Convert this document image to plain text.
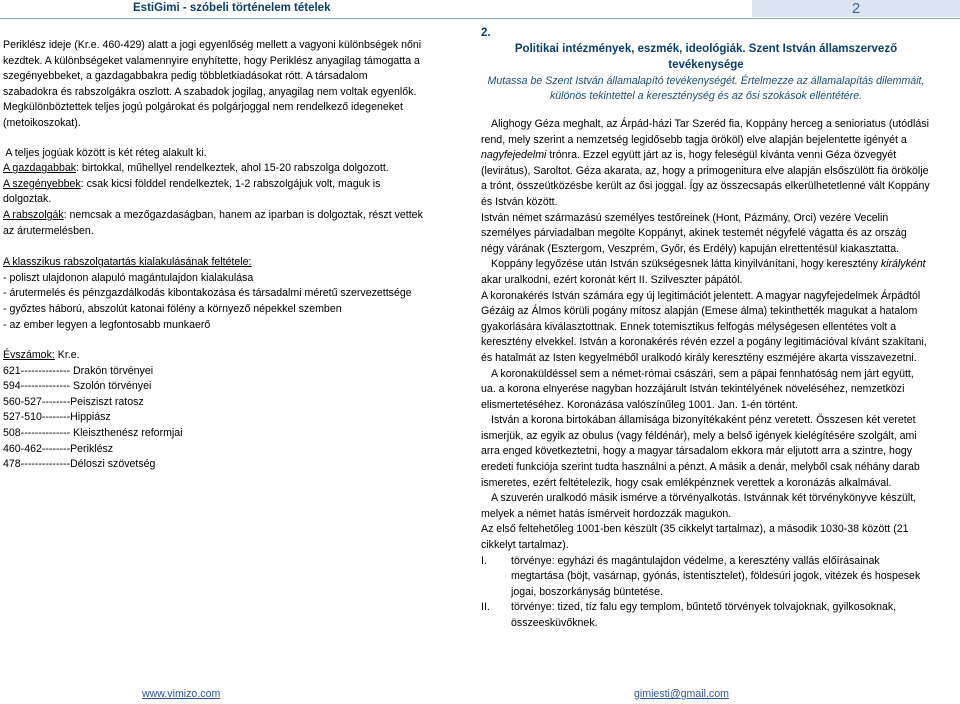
EstiGimi - szóbeli történelem tételek	2

Periklész ideje (Kr.e. 460-429) alatt a jogi egyenlőség mellett a vagyoni különbségek nőni kezdtek. A különbségeket valamennyire enyhítette, hogy Periklész anyagilag támogatta a szegényebbeket, a gazdagabbakra pedig többletkiadásokat rótt. A társadalom szabadokra és rabszolgákra oszlott. A szabadok jogilag, anyagilag nem voltak egyenlők. Megkülönböztettek teljes jogú polgárokat és polgárjoggal nem rendelkező idegeneket (metoikoszokat).

A teljes jogúak között is két réteg alakult ki.

A gazdagabbak: birtokkal, műhellyel rendelkeztek, ahol 15-20 rabszolga dolgozott.

A szegényebbek: csak kicsi földdel rendelkeztek, 1-2 rabszolgájuk volt, maguk is dolgoztak.

A rabszolgák: nemcsak a mezőgazdaságban, hanem az iparban is dolgoztak, részt vettek az árutermelésben.

A klasszikus rabszolgatartás kialakulásának feltétele:

- poliszt ulajdonon alapuló magántulajdon kialakulása

- árutermelés és pénzgazdálkodás kibontakozása és társadalmi méretű szervezettsége

- győztes háború, abszolút katonai fölény a környező népekkel szemben

- az ember legyen a legfontosabb munkaerő

Évszámok: Kr.e.

621-------------- Drakón törvényei

594-------------- Szolón törvényei

560-527--------Peisziszt ratosz

527-510--------Hippiász

508-------------- Kleiszthenész reformjai

460-462--------Periklész

478--------------Déloszi szövetség

2.
Politikai intézmények, eszmék, ideológiák. Szent István államszervező tevékenysége
Mutassa be Szent István államalapító tevékenységét. Értelmezze az államalapítás dilemmáit, különös tekintettel a kereszténység és az ősi szokások ellentétére.

Alighogy Géza meghalt, az Árpád-házi Tar Szeréd fia, Koppány herceg a senioriatus (utódlási rend, mely szerint a nemzetség legidősebb tagja örököl) elve alapján bejelentette igényét a nagyfejedelmi trónra. Ezzel együtt járt az is, hogy feleségül kívánta venni Géza özvegyét (levirátus), Saroltot. Géza akarata, az, hogy a primogenitura elve alapján elsőszülött fia örökölje a trónt, összeütközésbe került az ősi joggal. Így az összecsapás elkerülhetetlenné vált Koppány és István között.

István német származású személyes testőreinek (Hont, Pázmány, Orci) vezére Vecelin személyes párviadalban megölte Koppányt, akinek testemét négyfelé vágatta és az ország négy várának (Esztergom, Veszprém, Győr, és Erdély) kapuján elrettentésül kiakasztatta.

Koppány legyőzése után István szükségesnek látta kinyilvánítani, hogy keresztény királyként akar uralkodni, ezért koronát kért II. Szilveszter pápától.

A koronakérés István számára egy új legitimációt jelentett. A magyar nagyfejedelmek Árpádtól Gézáig az Álmos körüli pogány mítosz alapján (Emese álma) tekinthették magukat a hatalom gyakorlására kiválasztottnak. Ennek totemisztikus felfogás mélységesen ellentétes volt a keresztény elvekkel. István a koronakérés révén ezzel a pogány legitimációval kívánt szakítani, és hatalmát az Isten kegyelméből uralkodó király kereszténу eszméjére akarta visszavezetni.

A koronaküldéssel sem a német-római császári, sem a pápai fennhatóság nem járt együtt, ua. a korona elnyerése nagyban hozzájárult István tekintélyének növeléséhez, nemzetközi elismertetéséhez. Koronázása valószínűleg 1001. Jan. 1-én történt.

István a korona birtokában államisága bizonyítékaként pénz veretett. Összesen két veretet ismerjük, az egyik az obulus (vagy féldénár), mely a belső igények kielégítésére szolgált, ami arra enged következtetni, hogy a magyar társadalom ekkora már eljutott arra a szintre, hogy eredeti funkciója szerint tudta használni a pénzt. A másik a denár, melyből csak néhány darab ismeretes, ezért feltételezik, hogy csak emlékpénznek verettek a koronázás alkalmával.

A szuverén uralkodó másik ismérve a törvényalkotás. Istvánnak két törvénykönyve készült, melyek a német hatás ismérveit hordozzák magukon.

Az első feltehetőleg 1001-ben készült (35 cikkelyt tartalmaz), a második 1030-38 között (21 cikkelyt tartalmaz).

I.	törvénye: egyházi és magántulajdon védelme, a keresztény vallás előírásainak megtartása (böjt, vasárnap, gyónás, istentisztelet), földesúri jogok, vitézek és hospesek jogai, boszorkányság büntetése.
II.	törvénye: tized, tíz falu egy templom, bűntető törvények tolvajoknak, gyilkosoknak, összeesküvőknek.
www.vimizo.com	gimiesti@gmail.com
